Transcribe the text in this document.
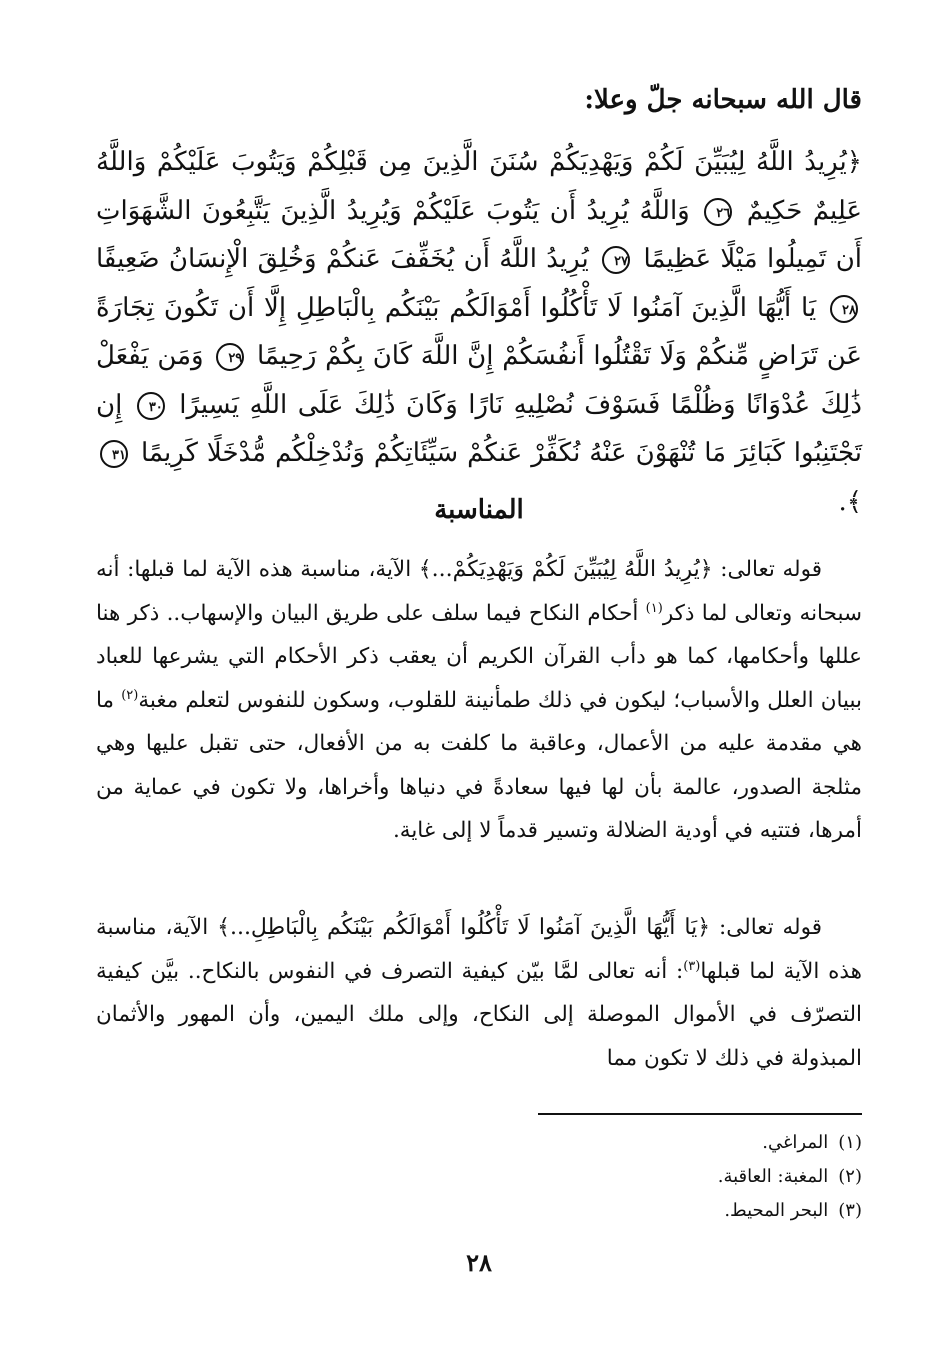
قال الله سبحانه جلّ وعلا:
﴿يُرِيدُ اللَّهُ لِيُبَيِّنَ لَكُمْ وَيَهْدِيَكُمْ سُنَنَ الَّذِينَ مِن قَبْلِكُمْ وَيَتُوبَ عَلَيْكُمْ وَاللَّهُ عَلِيمٌ حَكِيمٌ ٢٦ وَاللَّهُ يُرِيدُ أَن يَتُوبَ عَلَيْكُمْ وَيُرِيدُ الَّذِينَ يَتَّبِعُونَ الشَّهَوَاتِ أَن تَمِيلُوا مَيْلًا عَظِيمًا ٢٧ يُرِيدُ اللَّهُ أَن يُخَفِّفَ عَنكُمْ وَخُلِقَ الْإِنسَانُ ضَعِيفًا ٢٨ يَا أَيُّهَا الَّذِينَ آمَنُوا لَا تَأْكُلُوا أَمْوَالَكُم بَيْنَكُم بِالْبَاطِلِ إِلَّا أَن تَكُونَ تِجَارَةً عَن تَرَاضٍ مِّنكُمْ وَلَا تَقْتُلُوا أَنفُسَكُمْ إِنَّ اللَّهَ كَانَ بِكُمْ رَحِيمًا ٢٩ وَمَن يَفْعَلْ ذَٰلِكَ عُدْوَانًا وَظُلْمًا فَسَوْفَ نُصْلِيهِ نَارًا وَكَانَ ذَٰلِكَ عَلَى اللَّهِ يَسِيرًا ٣٠ إِن تَجْتَنِبُوا كَبَائِرَ مَا تُنْهَوْنَ عَنْهُ نُكَفِّرْ عَنكُمْ سَيِّئَاتِكُمْ وَنُدْخِلْكُم مُّدْخَلًا كَرِيمًا ٣١﴾.
المناسبة
قوله تعالى: ﴿يُرِيدُ اللَّهُ لِيُبَيِّنَ لَكُمْ وَيَهْدِيَكُمْ...﴾ الآية، مناسبة هذه الآية لما قبلها: أنه سبحانه وتعالى لما ذكر$^{(١)}$ أحكام النكاح فيما سلف على طريق البيان والإسهاب.. ذكر هنا عللها وأحكامها، كما هو دأب القرآن الكريم أن يعقب ذكر الأحكام التي يشرعها للعباد ببيان العلل والأسباب؛ ليكون في ذلك طمأنينة للقلوب، وسكون للنفوس لتعلم مغبة$^{(٢)}$ ما هي مقدمة عليه من الأعمال، وعاقبة ما كلفت به من الأفعال، حتى تقبل عليها وهي مثلجة الصدور، عالمة بأن لها فيها سعادةً في دنياها وأخراها، ولا تكون في عماية من أمرها، فتتيه في أودية الضلالة وتسير قدماً لا إلى غاية.
قوله تعالى: ﴿يَا أَيُّهَا الَّذِينَ آمَنُوا لَا تَأْكُلُوا أَمْوَالَكُم بَيْنَكُم بِالْبَاطِلِ...﴾ الآية، مناسبة هذه الآية لما قبلها$^{(٣)}$: أنه تعالى لمَّا بيّن كيفية التصرف في النفوس بالنكاح.. بيَّن كيفية التصرّف في الأموال الموصلة إلى النكاح، وإلى ملك اليمين، وأن المهور والأثمان المبذولة في ذلك لا تكون مما
(١)المراغي.
(٢)المغبة: العاقبة.
(٣)البحر المحيط.
٢٨
